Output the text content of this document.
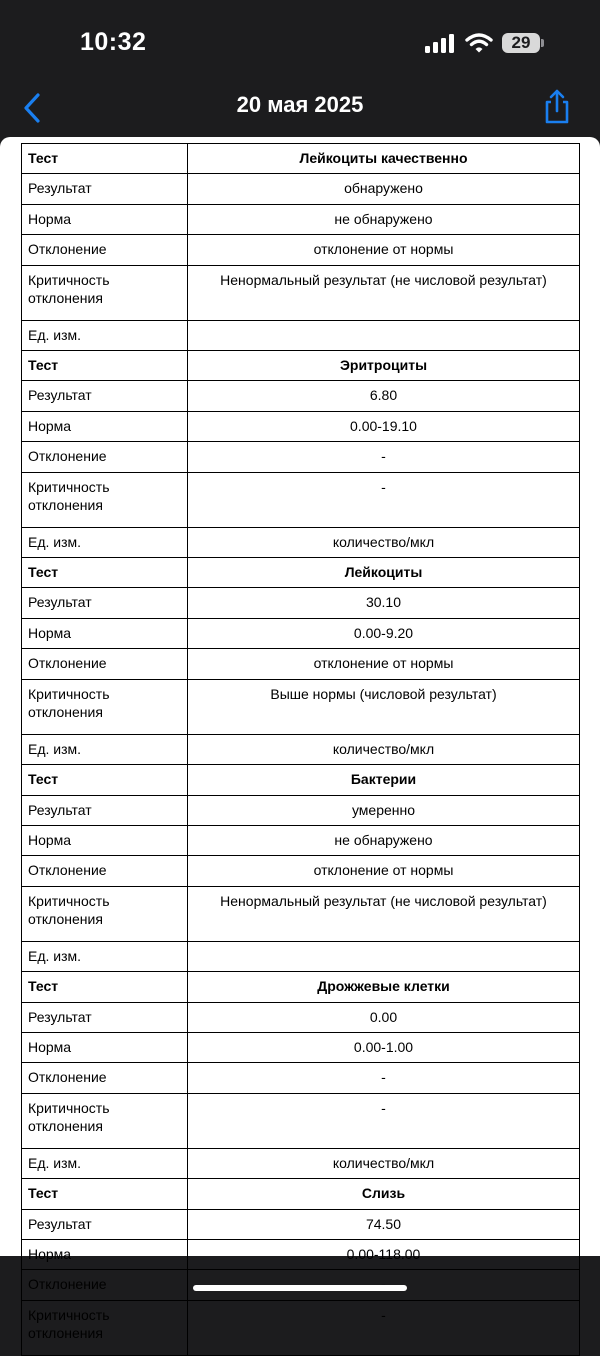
10:32	29
20 мая 2025
Тест	Лейкоциты качественно
Результат	обнаружено
Норма	не обнаружено
Отклонение	отклонение от нормы
Критичность отклонения	Ненормальный результат (не числовой результат)
Ед. изм.	
Тест	Эритроциты
Результат	6.80
Норма	0.00-19.10
Отклонение	-
Критичность отклонения	-
Ед. изм.	количество/мкл
Тест	Лейкоциты
Результат	30.10
Норма	0.00-9.20
Отклонение	отклонение от нормы
Критичность отклонения	Выше нормы (числовой результат)
Ед. изм.	количество/мкл
Тест	Бактерии
Результат	умеренно
Норма	не обнаружено
Отклонение	отклонение от нормы
Критичность отклонения	Ненормальный результат (не числовой результат)
Ед. изм.	
Тест	Дрожжевые клетки
Результат	0.00
Норма	0.00-1.00
Отклонение	-
Критичность отклонения	-
Ед. изм.	количество/мкл
Тест	Слизь
Результат	74.50
Норма	0.00-118.00
Отклонение	
Критичность отклонения	-
